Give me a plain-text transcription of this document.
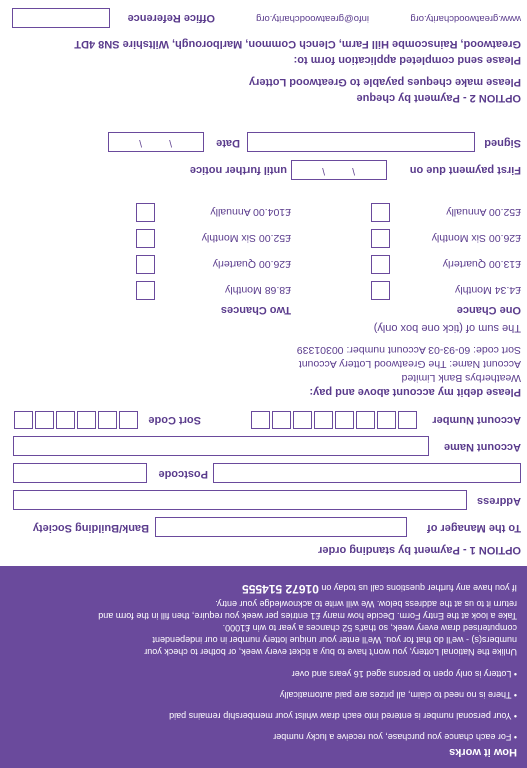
How it works
• For each chance you purchase, you receive a lucky number
• Your personal number is entered into each draw whilst your membership remains paid
• There is no need to claim, all prizes are paid automatically
• Lottery is only open to persons aged 16 years and over
Unlike the National Lottery, you won't have to buy a ticket every week, or bother to check your
numbers(s) - we'll do that for you. We'll enter your unique lottery number in our independent
computerised draw every week, so that's 52 chances a year to win £1000.
Take a look at the Entry Form. Decide how many £1 entries per week you require, then fill in the form and
return it to us at the address below. We will write to acknowledge your entry.
If you have any further questions call us today on 01672 514555
OPTION 1 - Payment by standing order
To the Manager of
Bank/Building Society
Address
Postcode
Account Name
Account Number
Sort Code
Please debit my account above and pay:
Weatherbys Bank Limited
Account Name: The Greatwood Lottery Account
Sort code: 60-93-03 Account number: 00301339
The sum of (tick one box only)
One Chance
£4.34 Monthly
£13.00 Quarterly
£26.00 Six Monthly
£52.00 Annually
Two Chances
£8.68 Monthly
£26.00 Quarterly
£52.00 Six Monthly
£104.00 Annually
First payment due on
\
\
until further notice
Signed
Date
\
\
OPTION 2 - Payment by cheque
Please make cheques payable to Greatwood Lottery
Please send completed application form to:
Greatwood, Rainscombe Hill Farm, Clench Common, Marlborough, Wiltshire SN8 4DT
www.greatwoodcharity.org
info@greatwoodcharity.org
Office Reference
